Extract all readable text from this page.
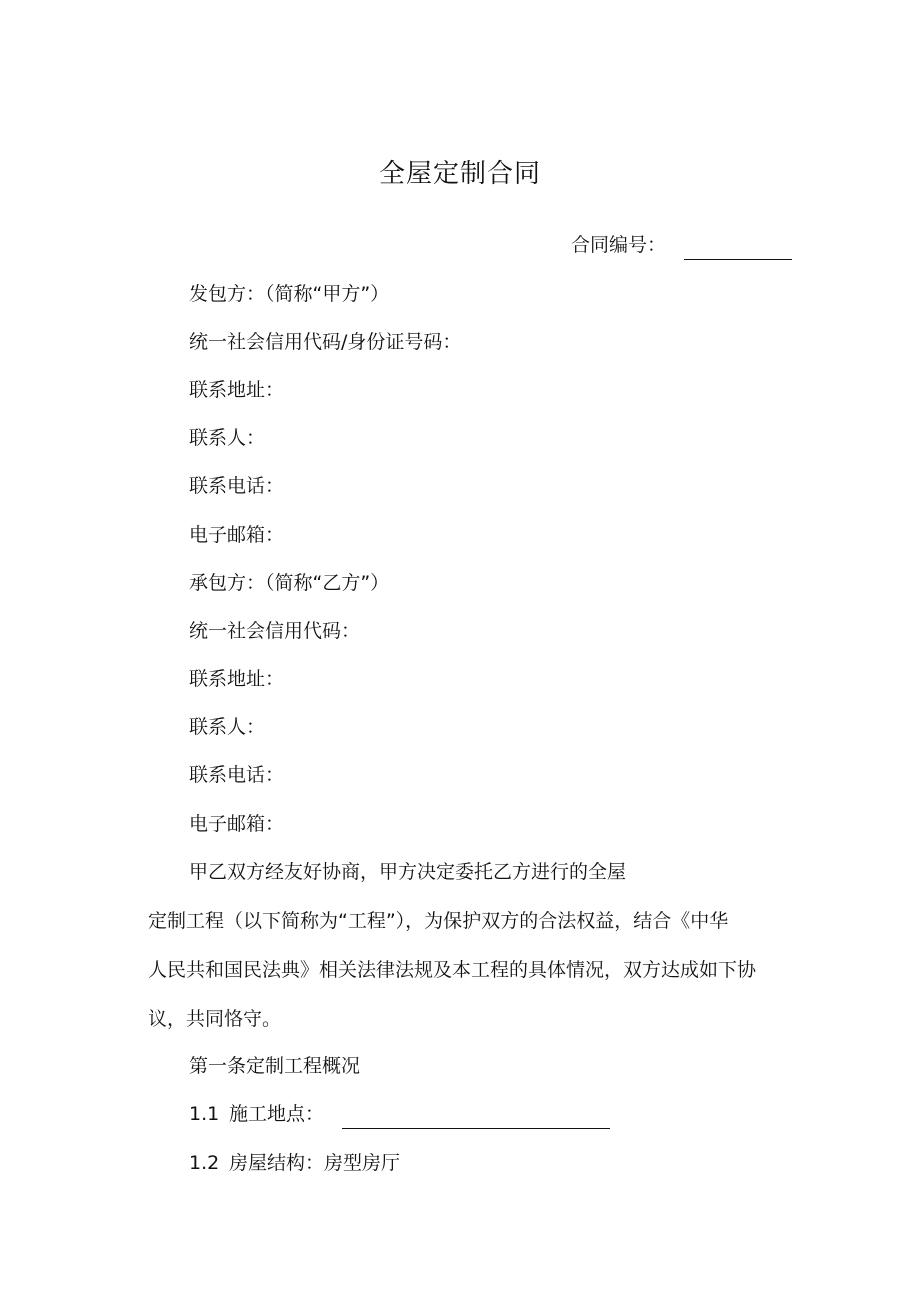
全屋定制合同
合同编号：
发包方：（简称“甲方”）
统一社会信用代码/身份证号码：
联系地址：
联系人：
联系电话：
电子邮箱：
承包方：（简称“乙方”）
统一社会信用代码：
联系地址：
联系人：
联系电话：
电子邮箱：
甲乙双方经友好协商，甲方决定委托乙方进行的全屋
定制工程（以下简称为“工程”），为保护双方的合法权益，结合《中华
人民共和国民法典》相关法律法规及本工程的具体情况，双方达成如下协
议，共同恪守。
第一条定制工程概况
1.1 施工地点：
1.2 房屋结构：房型房厅
